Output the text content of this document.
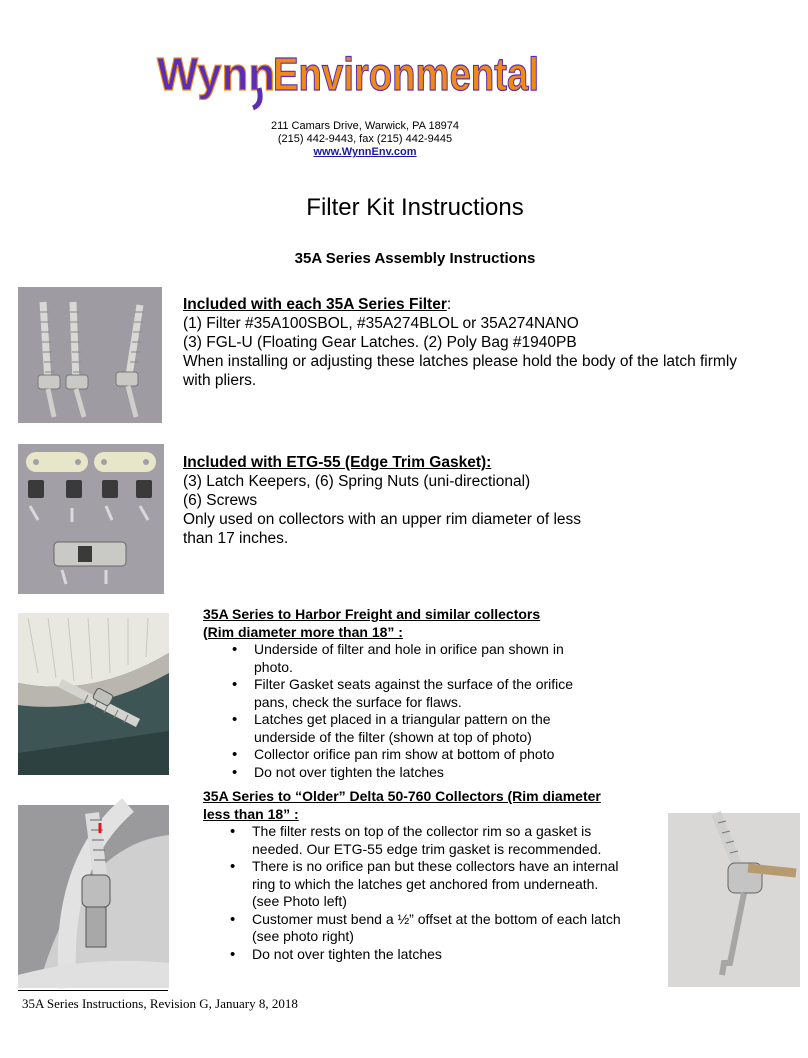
Wynn
Environmental
211 Camars Drive, Warwick, PA 18974
(215) 442-9443, fax (215) 442-9445
www.WynnEnv.com
Filter Kit Instructions
35A Series Assembly Instructions
Included with each 35A Series Filter:
(1) Filter #35A100SBOL, #35A274BLOL or 35A274NANO
(3) FGL-U (Floating Gear Latches. (2) Poly Bag #1940PB
When installing or adjusting these latches please hold the body of the latch firmly
with pliers.
Included with ETG-55 (Edge Trim Gasket):
(3) Latch Keepers, (6) Spring Nuts (uni-directional)
(6) Screws
Only used on collectors with an upper rim diameter of less
than 17 inches.
35A Series to Harbor Freight and similar collectors
(Rim diameter more than 18” :
• Underside of filter and hole in orifice pan shown in
photo.
• Filter Gasket seats against the surface of the orifice
pans, check the surface for flaws.
• Latches get placed in a triangular pattern on the
underside of the filter (shown at top of photo)
• Collector orifice pan rim show at bottom of photo
• Do not over tighten the latches
35A Series to “Older” Delta 50-760 Collectors (Rim diameter
less than 18” :
• The filter rests on top of the collector rim so a gasket is
needed. Our ETG-55 edge trim gasket is recommended.
• There is no orifice pan but these collectors have an internal
ring to which the latches get anchored from underneath.
(see Photo left)
• Customer must bend a ½” offset at the bottom of each latch
(see photo right)
• Do not over tighten the latches
35A Series Instructions, Revision G, January 8, 2018
